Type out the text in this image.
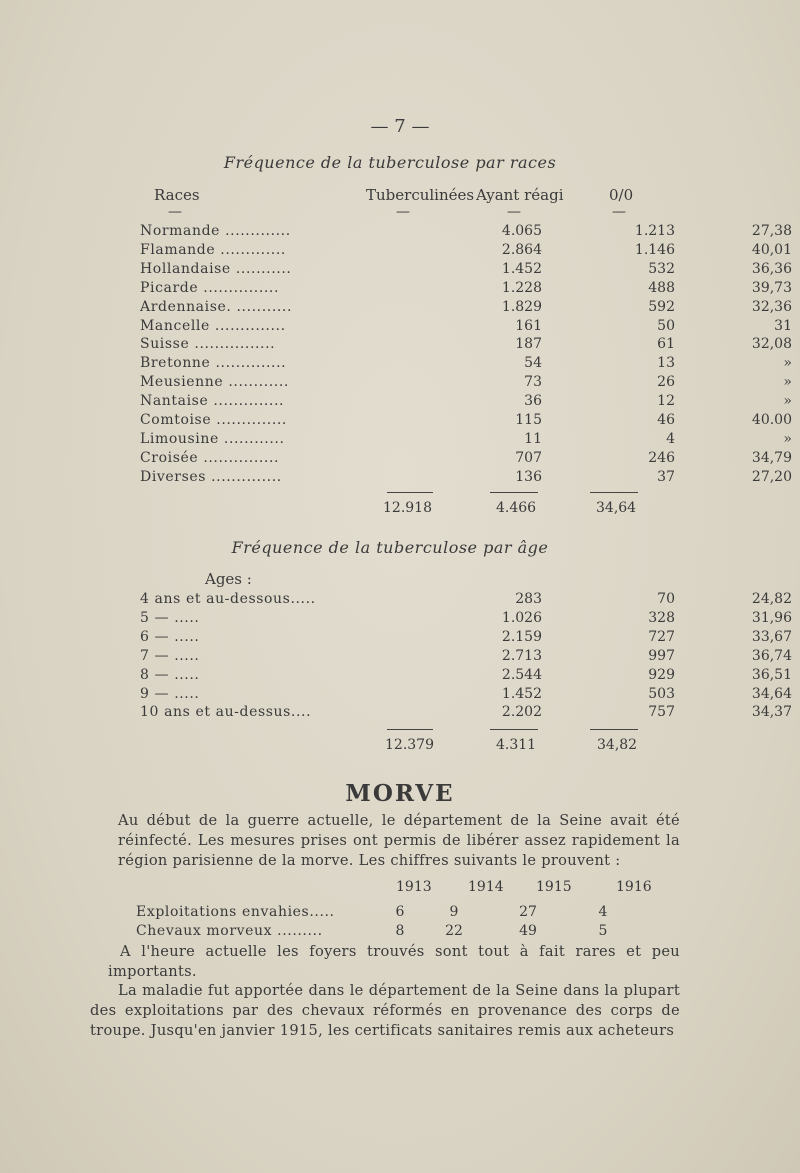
— 7 —
Fréquence de la tuberculose par races
Races	Tuberculinées Ayant réagi	0/0
—	—	—	—
Normande .............	4.065	1.213	27,38
Flamande .............	2.864	1.146	40,01
Hollandaise ...........	1.452	532	36,36
Picarde ...............	1.228	488	39,73
Ardennaise. ...........	1.829	592	32,36
Mancelle ..............	161	50	31
Suisse ................	187	61	32,08
Bretonne ..............	54	13	»
Meusienne ............	73	26	»
Nantaise ..............	36	12	»
Comtoise ..............	115	46	40.00
Limousine ............	11	4	»
Croisée ...............	707	246	34,79
Diverses ..............	136	37	27,20
12.918	4.466	34,64
Fréquence de la tuberculose par âge
Ages :
4 ans et au-dessous.....	283	70	24,82
5 — .....	1.026	328	31,96
6 — .....	2.159	727	33,67
7 — .....	2.713	997	36,74
8 — .....	2.544	929	36,51
9 — .....	1.452	503	34,64
10 ans et au-dessus....	2.202	757	34,37
12.379	4.311	34,82
MORVE

Au début de la guerre actuelle, le département de la Seine avait été réinfecté. Les mesures prises ont permis de libérer assez rapidement la région parisienne de la morve. Les chiffres suivants le prouvent :

1913	1914 1915	1916
Exploitations envahies.....	6	9	27	4
Chevaux morveux .........	8	22	49	5

A l'heure actuelle les foyers trouvés sont tout à fait rares et peu importants.

La maladie fut apportée dans le département de la Seine dans la plupart des exploitations par des chevaux réformés en provenance des corps de troupe. Jusqu'en janvier 1915, les certificats sanitaires remis aux acheteurs
